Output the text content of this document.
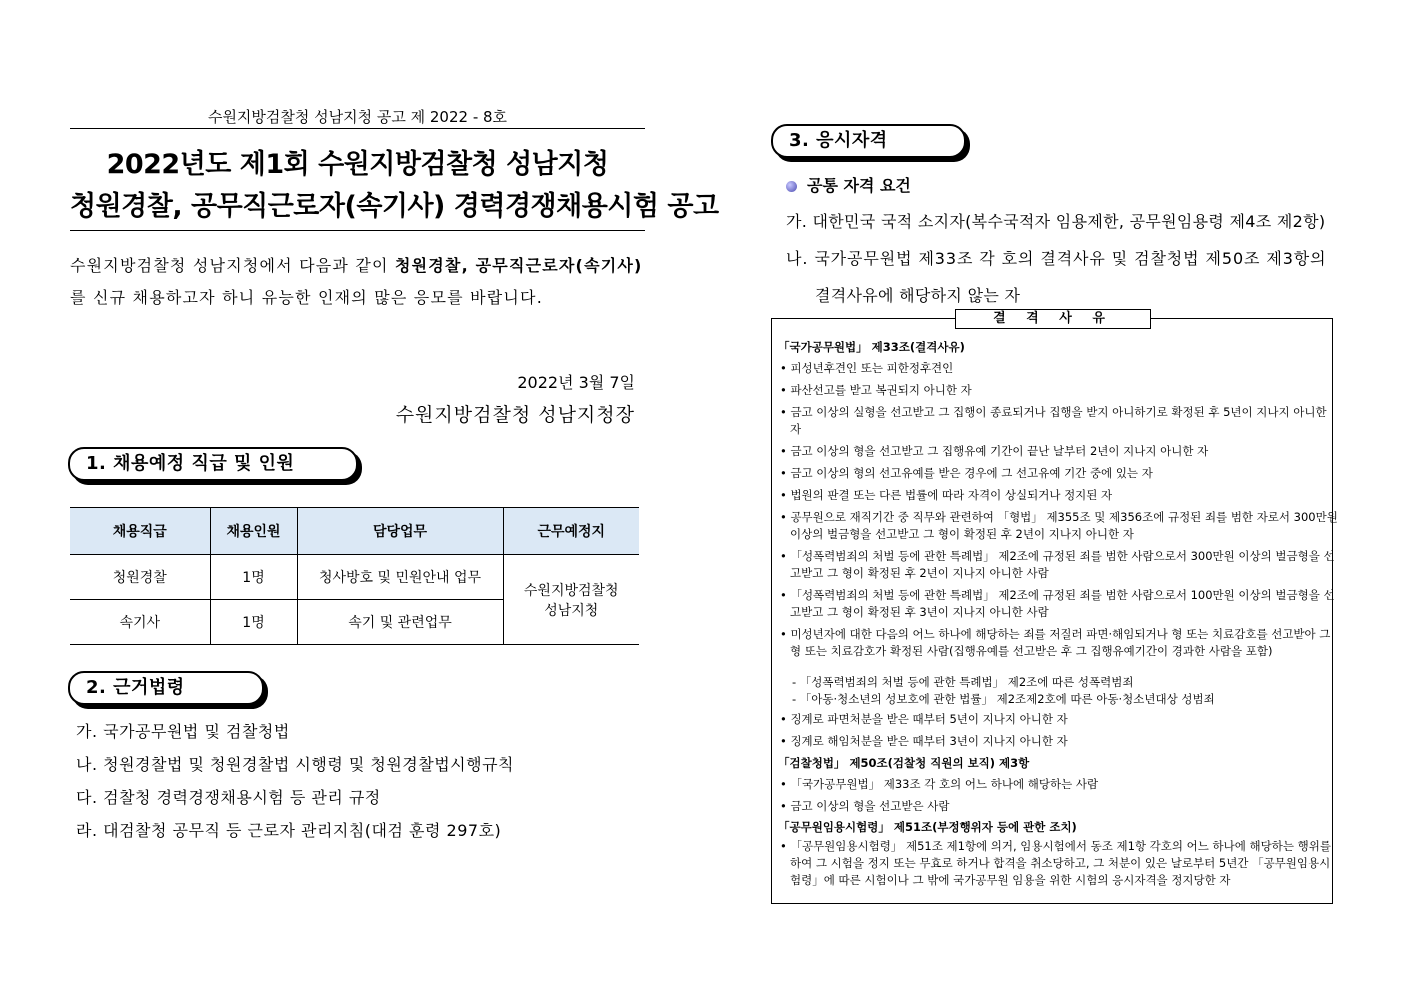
수원지방검찰청 성남지청 공고 제 2022 - 8호
2022년도 제1회 수원지방검찰청 성남지청
청원경찰, 공무직근로자(속기사) 경력경쟁채용시험 공고
수원지방검찰청 성남지청에서 다음과 같이 청원경찰, 공무직근로자(속기사)
를 신규 채용하고자 하니 유능한 인재의 많은 응모를 바랍니다.
2022년 3월 7일
수원지방검찰청 성남지청장
1. 채용예정 직급 및 인원
채용직급	채용인원	담당업무	근무예정지
청원경찰	1명	청사방호 및 민원안내 업무	수원지방검찰청
성남지청
속기사	1명	속기 및 관련업무	
2. 근거법령
가. 국가공무원법 및 검찰청법
나. 청원경찰법 및 청원경찰법 시행령 및 청원경찰법시행규칙
다. 검찰청 경력경쟁채용시험 등 관리 규정
라. 대검찰청 공무직 등 근로자 관리지침(대검 훈령 297호)
3. 응시자격
공통 자격 요건
가. 대한민국 국적 소지자(복수국적자 임용제한, 공무원임용령 제4조 제2항)
나. 국가공무원법 제33조 각 호의 결격사유 및 검찰청법 제50조 제3항의
결격사유에 해당하지 않는 자
결 격 사 유
「국가공무원법」 제33조(결격사유)
• 피성년후견인 또는 피한정후견인
• 파산선고를 받고 복권되지 아니한 자
• 금고 이상의 실형을 선고받고 그 집행이 종료되거나 집행을 받지 아니하기로 확정된 후 5년이 지나지 아니한 자
• 금고 이상의 형을 선고받고 그 집행유예 기간이 끝난 날부터 2년이 지나지 아니한 자
• 금고 이상의 형의 선고유예를 받은 경우에 그 선고유예 기간 중에 있는 자
• 법원의 판결 또는 다른 법률에 따라 자격이 상실되거나 정지된 자
• 공무원으로 재직기간 중 직무와 관련하여 「형법」 제355조 및 제356조에 규정된 죄를 범한 자로서 300만원 이상의 벌금형을 선고받고 그 형이 확정된 후 2년이 지나지 아니한 자
• 「성폭력범죄의 처벌 등에 관한 특례법」 제2조에 규정된 죄를 범한 사람으로서 300만원 이상의 벌금형을 선고받고 그 형이 확정된 후 2년이 지나지 아니한 사람
• 「성폭력범죄의 처벌 등에 관한 특례법」 제2조에 규정된 죄를 범한 사람으로서 100만원 이상의 벌금형을 선고받고 그 형이 확정된 후 3년이 지나지 아니한 사람
• 미성년자에 대한 다음의 어느 하나에 해당하는 죄를 저질러 파면·해임되거나 형 또는 치료감호를 선고받아 그 형 또는 치료감호가 확정된 사람(집행유예를 선고받은 후 그 집행유예기간이 경과한 사람을 포함)
- 「성폭력범죄의 처벌 등에 관한 특례법」 제2조에 따른 성폭력범죄
- 「아동·청소년의 성보호에 관한 법률」 제2조제2호에 따른 아동·청소년대상 성범죄
• 징계로 파면처분을 받은 때부터 5년이 지나지 아니한 자
• 징계로 해임처분을 받은 때부터 3년이 지나지 아니한 자
「검찰청법」 제50조(검찰청 직원의 보직) 제3항
• 「국가공무원법」 제33조 각 호의 어느 하나에 해당하는 사람
• 금고 이상의 형을 선고받은 사람
「공무원임용시험령」 제51조(부정행위자 등에 관한 조치)
• 「공무원임용시험령」 제51조 제1항에 의거, 임용시험에서 동조 제1항 각호의 어느 하나에 해당하는 행위를 하여 그 시험을 정지 또는 무효로 하거나 합격을 취소당하고, 그 처분이 있은 날로부터 5년간 「공무원임용시험령」에 따른 시험이나 그 밖에 국가공무원 임용을 위한 시험의 응시자격을 정지당한 자
